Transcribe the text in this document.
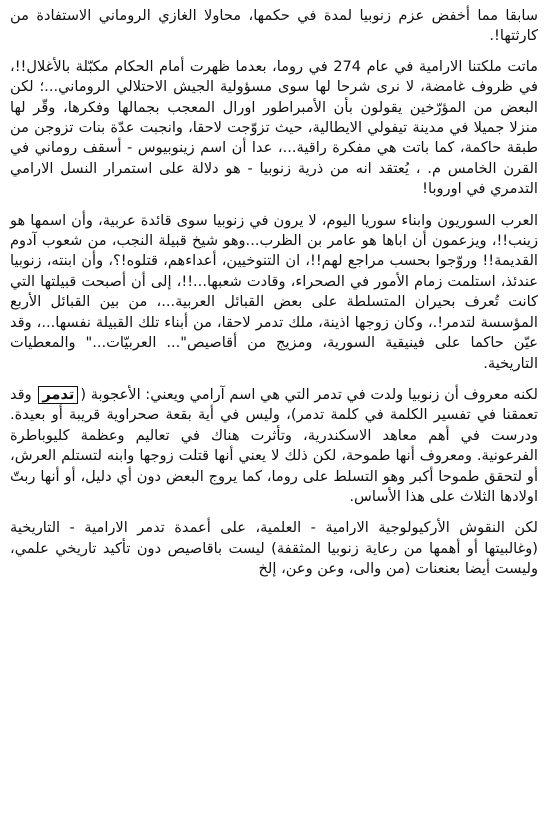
سابقا مما أخفض عزم زنوبيا لمدة في حكمها، محاولا الغازي الروماني الاستفادة من كارثتها!.

ماتت ملكتنا الارامية في عام 274 في روما، بعدما ظهرت أمام الحكام مكبّلة بالأغلال!!، في ظروف غامضة، لا نرى شرحا لها سوى مسؤولية الجيش الاحتلالي الروماني...؛ لكن البعض من المؤرّخين يقولون بأن الأمبراطور اورال المعجب بجمالها وفكرها، وقّر لها منزلا جميلا في مدينة تيفولي الايطالية، حيث تزوّجت لاحقا، وانجبت عدّة بنات تزوجن من طبقة حاكمة، كما باتت هي مفكرة راقية...، عدا أن اسم زينوبيوس - أسقف روماني في القرن الخامس م. ، يُعتقد انه من ذرية زنوبيا - هو دلالة على استمرار النسل الارامي التدمري في اوروبا!

العرب السوريون وابناء سوريا اليوم، لا يرون في زنوبيا سوى قائدة عربية، وأن اسمها هو زينب!!، ويزعمون أن اباها هو عامر بن الظرب...وهو شيخ قبيلة النجب، من شعوب آدوم القديمة!! وروّجوا بحسب مراجع لهم!!، ان التنوخيين، أعداءهم، قتلوه!؟، وأن ابنته، زنوبيا عندئذ، استلمت زمام الأمور في الصحراء، وقادت شعبها...!!، إلى أن أصبحت قبيلتها التي كانت تُعرف بحيران المتسلطة على بعض القبائل العربية...، من بين القبائل الأربع المؤسسة لتدمر!.، وكان زوجها اذينة، ملك تدمر لاحقا، من أبناء تلك القبيلة نفسها...، وقد عيّن حاكما على فينيقية السورية، ومزيج من أقاصيص"... العربيّات..." والمعطيات التاريخية.

لكنه معروف أن زنوبيا ولدت في تدمر التي هي اسم آرامي ويعني: الأعجوبة (تدمر وقد تعمقنا في تفسير الكلمة في كلمة تدمر)، وليس في أية بقعة صحراوية قريبة أو بعيدة. ودرست في أهم معاهد الاسكندرية، وتأثرت هناك في تعاليم وعظمة كليوباطرة الفرعونية. ومعروف أنها طموحة، لكن ذلك لا يعني أنها قتلت زوجها وابنه لتستلم العرش، أو لتحقق طموحا أكبر وهو التسلط على روما، كما يروج البعض دون أي دليل، أو أنها ربتّ اولادها الثلاث على هذا الأساس.

لكن النقوش الأركيولوجية الارامية - العلمية، على أعمدة تدمر الارامية - التاريخية (وغالبيتها أو أهمها من رعاية زنوبيا المثقفة) ليست باقاصيص دون تأكيد تاريخي علمي، وليست أيضا بعنعنات (من والى، وعن وعن، إلخ
